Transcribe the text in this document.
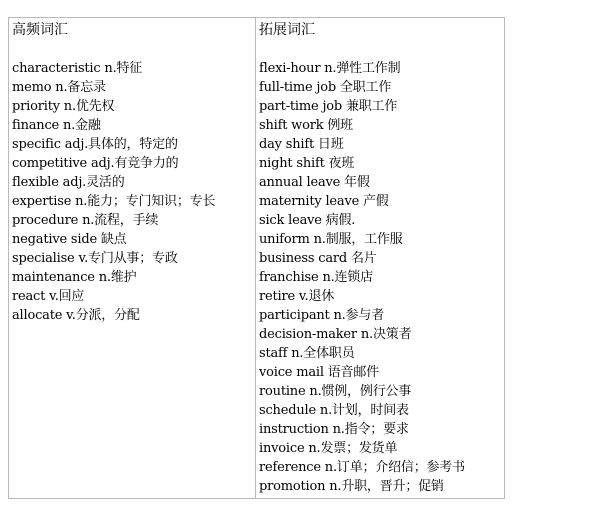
高频词汇
characteristic n.特征
memo n.备忘录
priority n.优先权
finance n.金融
specific adj.具体的，特定的
competitive adj.有竞争力的
flexible adj.灵活的
expertise n.能力；专门知识；专长
procedure n.流程，手续
negative side 缺点
specialise v.专门从事；专政
maintenance n.维护
react v.回应
allocate v.分派，分配
拓展词汇
flexi-hour n.弹性工作制
full-time job 全职工作
part-time job 兼职工作
shift work 例班
day shift 日班
night shift 夜班
annual leave 年假
maternity leave 产假
sick leave 病假.
uniform n.制服，工作服
business card 名片
franchise n.连锁店
retire v.退休
participant n.参与者
decision-maker n.决策者
staff n.全体职员
voice mail 语音邮件
routine n.惯例，例行公事
schedule n.计划，时间表
instruction n.指令；要求
invoice n.发票；发货单
reference n.订单；介绍信；参考书
promotion n.升职，晋升；促销
